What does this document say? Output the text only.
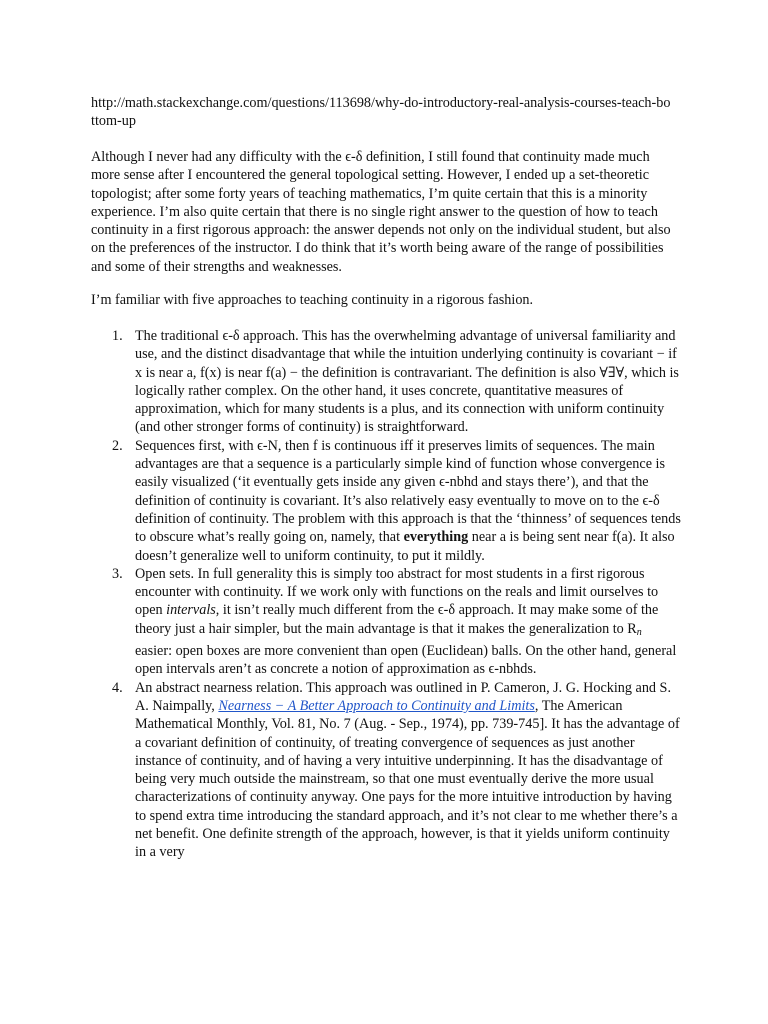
http://math.stackexchange.com/questions/113698/why-do-introductory-real-analysis-courses-teach-bottom-up

Although I never had any difficulty with the ϵ-δ definition, I still found that continuity made much more sense after I encountered the general topological setting. However, I ended up a set-theoretic topologist; after some forty years of teaching mathematics, I’m quite certain that this is a minority experience. I’m also quite certain that there is no single right answer to the question of how to teach continuity in a first rigorous approach: the answer depends not only on the individual student, but also on the preferences of the instructor. I do think that it’s worth being aware of the range of possibilities and some of their strengths and weaknesses.

I’m familiar with five approaches to teaching continuity in a rigorous fashion.

1. The traditional ϵ-δ approach. This has the overwhelming advantage of universal familiarity and use, and the distinct disadvantage that while the intuition underlying continuity is covariant − if x is near a, f(x) is near f(a) − the definition is contravariant. The definition is also ∀∃∀, which is logically rather complex. On the other hand, it uses concrete, quantitative measures of approximation, which for many students is a plus, and its connection with uniform continuity (and other stronger forms of continuity) is straightforward.
2. Sequences first, with ϵ-N, then f is continuous iff it preserves limits of sequences. The main advantages are that a sequence is a particularly simple kind of function whose convergence is easily visualized (‘it eventually gets inside any given ϵ-nbhd and stays there’), and that the definition of continuity is covariant. It’s also relatively easy eventually to move on to the ϵ-δ definition of continuity. The problem with this approach is that the ‘thinness’ of sequences tends to obscure what’s really going on, namely, that everything near a is being sent near f(a). It also doesn’t generalize well to uniform continuity, to put it mildly.
3. Open sets. In full generality this is simply too abstract for most students in a first rigorous encounter with continuity. If we work only with functions on the reals and limit ourselves to open intervals, it isn’t really much different from the ϵ-δ approach. It may make some of the theory just a hair simpler, but the main advantage is that it makes the generalization to $R_n$ easier: open boxes are more convenient than open (Euclidean) balls. On the other hand, general open intervals aren’t as concrete a notion of approximation as ϵ-nbhds.
4. An abstract nearness relation. This approach was outlined in P. Cameron, J. G. Hocking and S. A. Naimpally, Nearness − A Better Approach to Continuity and Limits, The American Mathematical Monthly, Vol. 81, No. 7 (Aug. - Sep., 1974), pp. 739-745]. It has the advantage of a covariant definition of continuity, of treating convergence of sequences as just another instance of continuity, and of having a very intuitive underpinning. It has the disadvantage of being very much outside the mainstream, so that one must eventually derive the more usual characterizations of continuity anyway. One pays for the more intuitive introduction by having to spend extra time introducing the standard approach, and it’s not clear to me whether there’s a net benefit. One definite strength of the approach, however, is that it yields uniform continuity in a very
